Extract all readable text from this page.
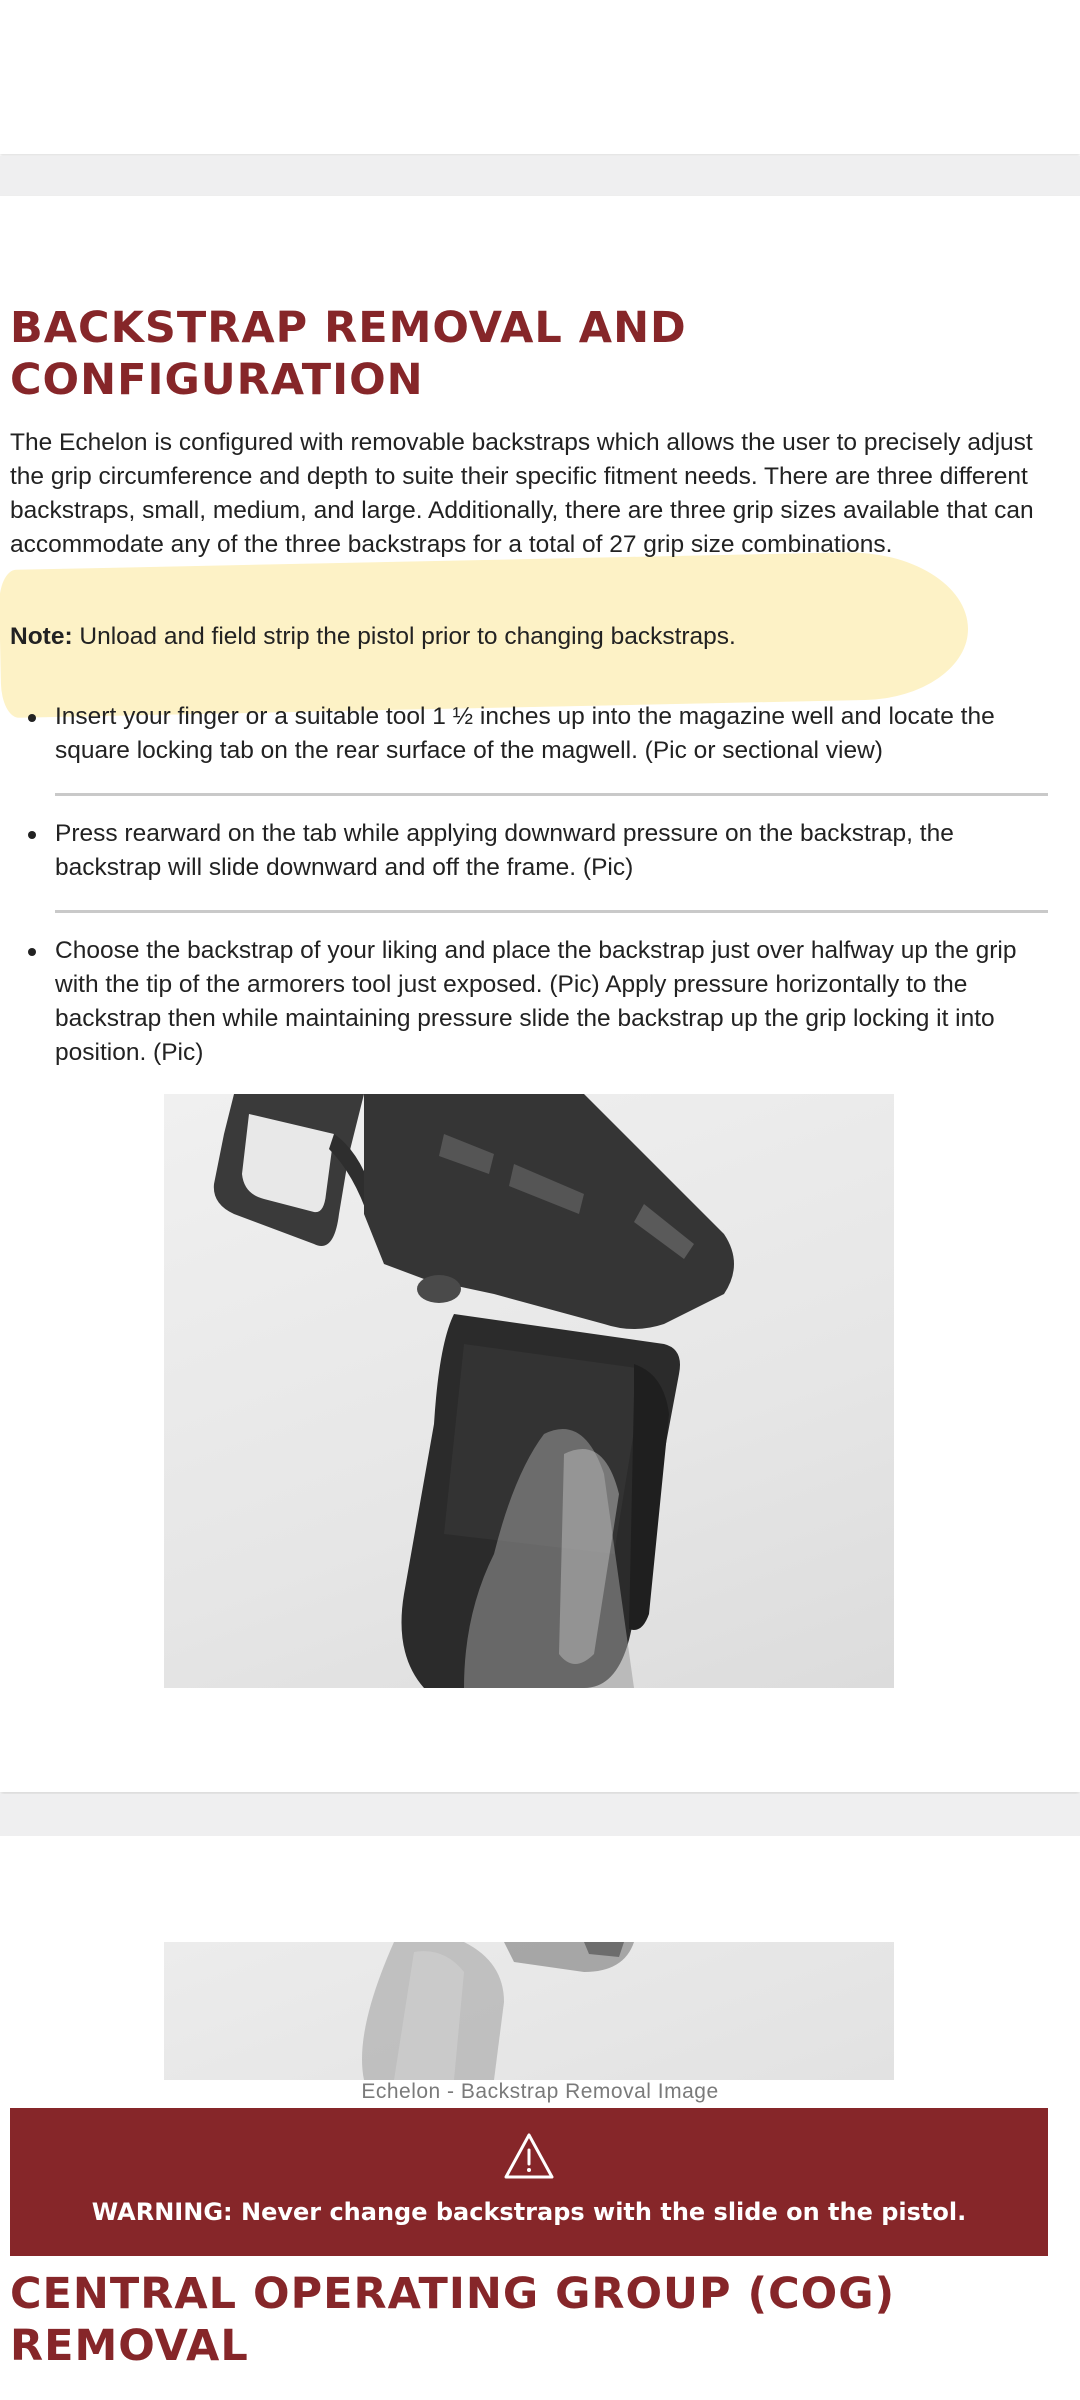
BACKSTRAP REMOVAL AND CONFIGURATION

The Echelon is configured with removable backstraps which allows the user to precisely adjust the grip circumference and depth to suite their specific fitment needs. There are three different backstraps, small, medium, and large. Additionally, there are three grip sizes available that can accommodate any of the three backstraps for a total of 27 grip size combinations.

Note: Unload and field strip the pistol prior to changing backstraps.

Insert your finger or a suitable tool 1 ½ inches up into the magazine well and locate the square locking tab on the rear surface of the magwell. (Pic or sectional view)

Press rearward on the tab while applying downward pressure on the backstrap, the backstrap will slide downward and off the frame. (Pic)

Choose the backstrap of your liking and place the backstrap just over halfway up the grip with the tip of the armorers tool just exposed. (Pic) Apply pressure horizontally to the backstrap then while maintaining pressure slide the backstrap up the grip locking it into position. (Pic)

Echelon - Backstrap Removal Image
WARNING: Never change backstraps with the slide on the pistol.
CENTRAL OPERATING GROUP (COG) REMOVAL
